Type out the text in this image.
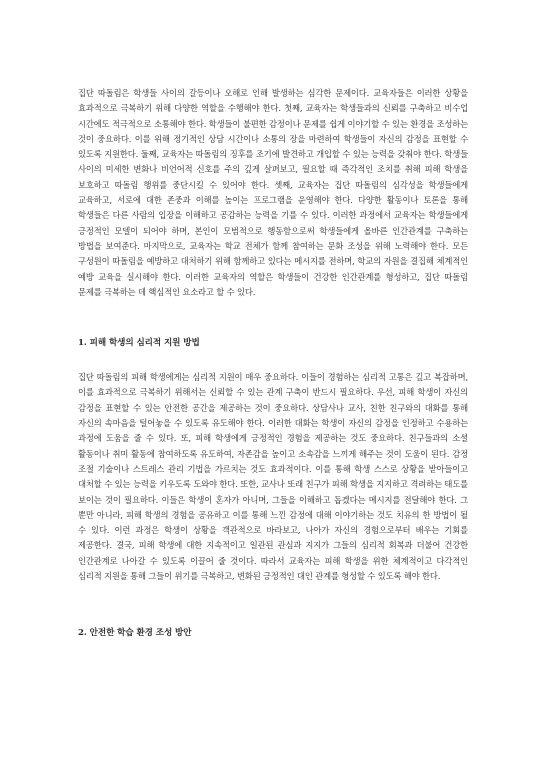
집단 따돌림은 학생들 사이의 갈등이나 오해로 인해 발생하는 심각한 문제이다. 교육자들은 이러한 상황을 효과적으로 극복하기 위해 다양한 역할을 수행해야 한다. 첫째, 교육자는 학생들과의 신뢰를 구축하고 비수업 시간에도 적극적으로 소통해야 한다. 학생들이 불편한 감정이나 문제를 쉽게 이야기할 수 있는 환경을 조성하는 것이 중요하다. 이를 위해 정기적인 상담 시간이나 소통의 장을 마련하여 학생들이 자신의 감정을 표현할 수 있도록 지원한다. 둘째, 교육자는 따돌림의 징후를 조기에 발견하고 개입할 수 있는 능력을 갖춰야 한다. 학생들 사이의 미세한 변화나 비언어적 신호를 주의 깊게 살펴보고, 필요할 때 즉각적인 조치를 취해 피해 학생을 보호하고 따돌림 행위를 중단시킬 수 있어야 한다. 셋째, 교육자는 집단 따돌림의 심각성을 학생들에게 교육하고, 서로에 대한 존중과 이해를 높이는 프로그램을 운영해야 한다. 다양한 활동이나 토론을 통해 학생들은 다른 사람의 입장을 이해하고 공감하는 능력을 기를 수 있다. 이러한 과정에서 교육자는 학생들에게 긍정적인 모델이 되어야 하며, 본인이 모범적으로 행동함으로써 학생들에게 올바른 인간관계를 구축하는 방법을 보여준다. 마지막으로, 교육자는 학교 전체가 함께 참여하는 문화 조성을 위해 노력해야 한다. 모든 구성원이 따돌림을 예방하고 대처하기 위해 함께하고 있다는 메시지를 전하며, 학교의 자원을 결집해 체계적인 예방 교육을 실시해야 한다. 이러한 교육자의 역할은 학생들이 건강한 인간관계를 형성하고, 집단 따돌림 문제를 극복하는 데 핵심적인 요소라고 할 수 있다.

1. 피해 학생의 심리적 지원 방법

집단 따돌림의 피해 학생에게는 심리적 지원이 매우 중요하다. 이들이 경험하는 심리적 고통은 깊고 복잡하며, 이를 효과적으로 극복하기 위해서는 신뢰할 수 있는 관계 구축이 반드시 필요하다. 우선, 피해 학생이 자신의 감정을 표현할 수 있는 안전한 공간을 제공하는 것이 중요하다. 상담사나 교사, 친한 친구와의 대화를 통해 자신의 속마음을 털어놓을 수 있도록 유도해야 한다. 이러한 대화는 학생이 자신의 감정을 인정하고 수용하는 과정에 도움을 줄 수 있다. 또, 피해 학생에게 긍정적인 경험을 제공하는 것도 중요하다. 친구들과의 소셜 활동이나 취미 활동에 참여하도록 유도하여, 자존감을 높이고 소속감을 느끼게 해주는 것이 도움이 된다. 감정 조절 기술이나 스트레스 관리 기법을 가르치는 것도 효과적이다. 이를 통해 학생 스스로 상황을 받아들이고 대처할 수 있는 능력을 키우도록 도와야 한다. 또한, 교사나 또래 친구가 피해 학생을 지지하고 격려하는 태도를 보이는 것이 필요하다. 이들은 학생이 혼자가 아니며, 그들을 이해하고 돕겠다는 메시지를 전달해야 한다. 그 뿐만 아니라, 피해 학생의 경험을 공유하고 이를 통해 느낀 감정에 대해 이야기하는 것도 치유의 한 방법이 될 수 있다. 이런 과정은 학생이 상황을 객관적으로 바라보고, 나아가 자신의 경험으로부터 배우는 기회를 제공한다. 결국, 피해 학생에 대한 지속적이고 일관된 관심과 지지가 그들의 심리적 회복과 더불어 건강한 인간관계로 나아갈 수 있도록 이끌어 줄 것이다. 따라서 교육자는 피해 학생을 위한 체계적이고 다각적인 심리적 지원을 통해 그들이 위기를 극복하고, 변화된 긍정적인 대인 관계를 형성할 수 있도록 해야 한다.

2. 안전한 학습 환경 조성 방안
